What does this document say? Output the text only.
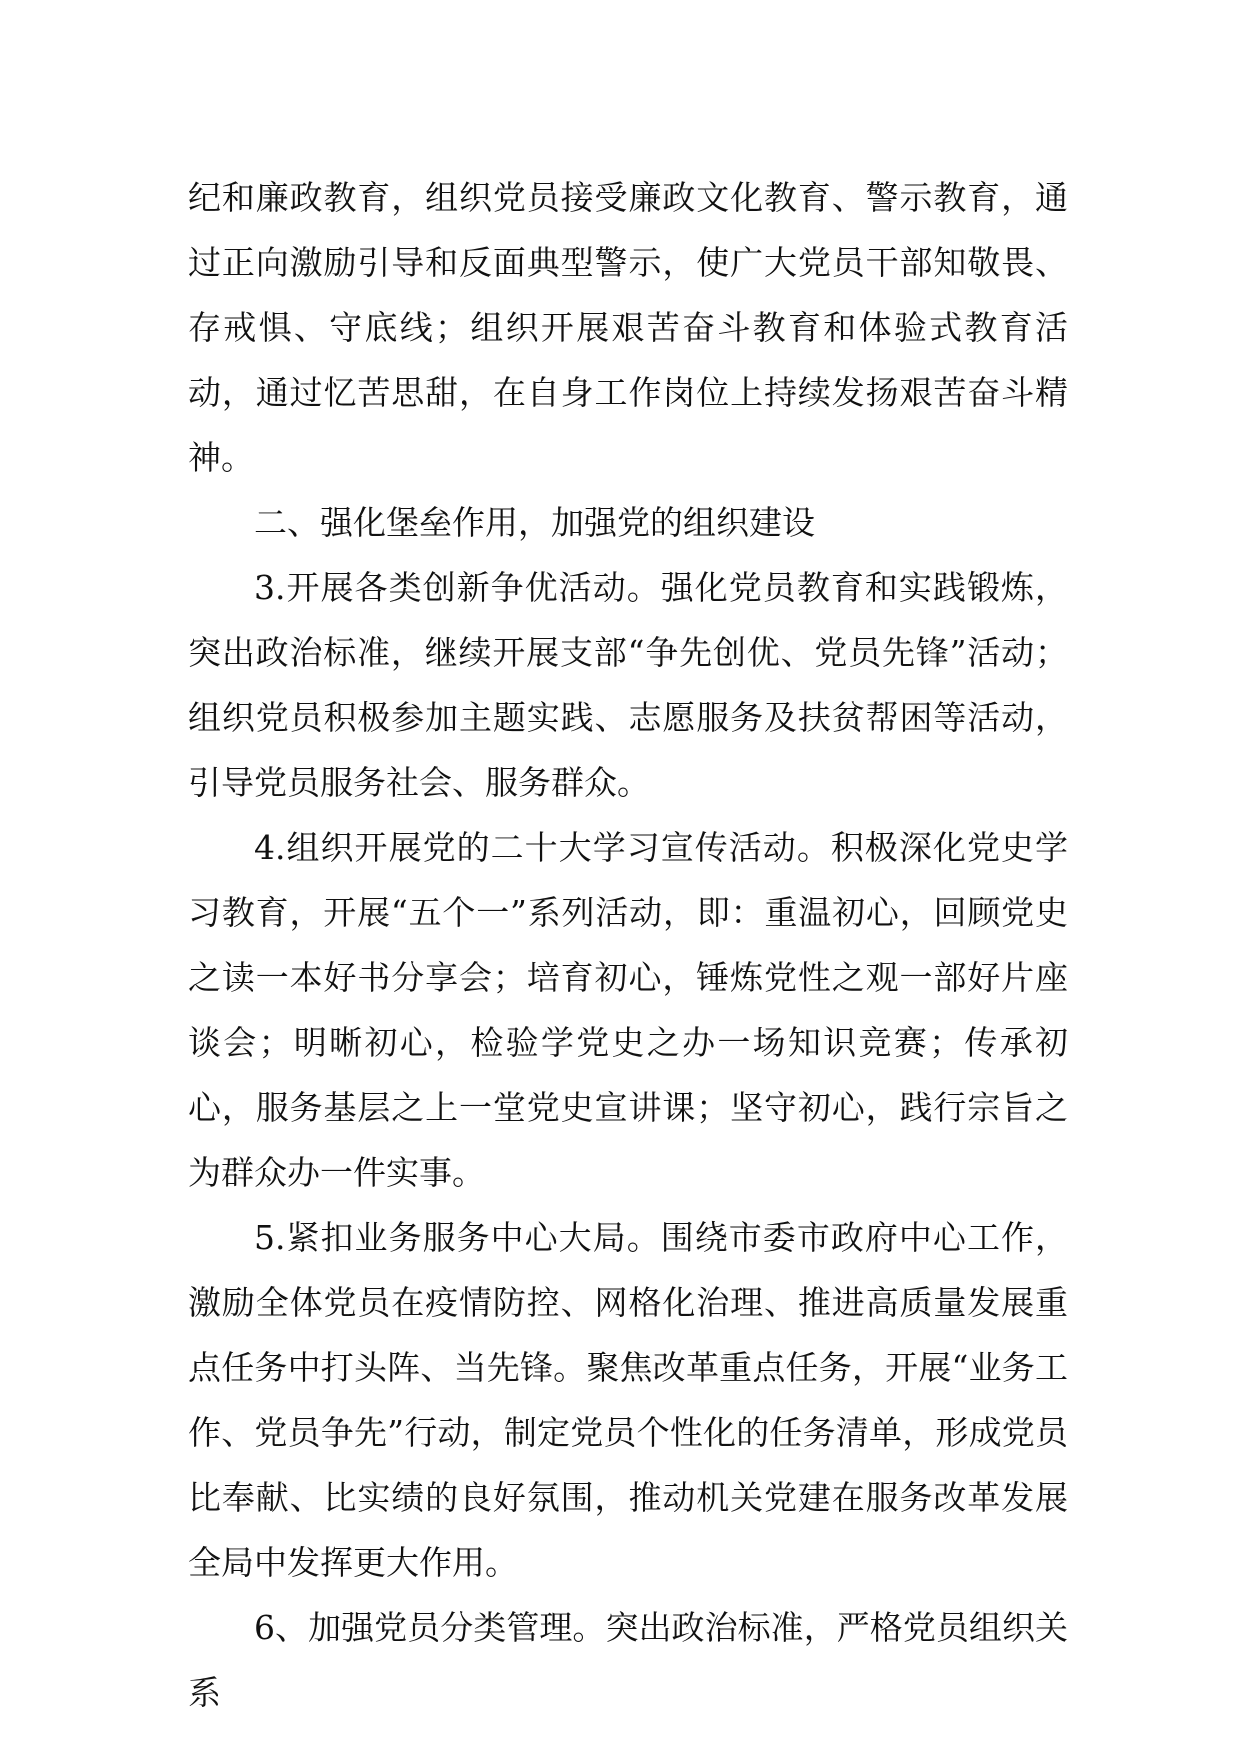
纪和廉政教育，组织党员接受廉政文化教育、警示教育，通过正向激励引导和反面典型警示，使广大党员干部知敬畏、存戒惧、守底线；组织开展艰苦奋斗教育和体验式教育活动，通过忆苦思甜，在自身工作岗位上持续发扬艰苦奋斗精神。

二、强化堡垒作用，加强党的组织建设

3.开展各类创新争优活动。强化党员教育和实践锻炼，突出政治标准，继续开展支部“争先创优、党员先锋”活动；组织党员积极参加主题实践、志愿服务及扶贫帮困等活动，引导党员服务社会、服务群众。

4.组织开展党的二十大学习宣传活动。积极深化党史学习教育，开展“五个一”系列活动，即：重温初心，回顾党史之读一本好书分享会；培育初心，锤炼党性之观一部好片座谈会；明晰初心，检验学党史之办一场知识竞赛；传承初心，服务基层之上一堂党史宣讲课；坚守初心，践行宗旨之为群众办一件实事。

5.紧扣业务服务中心大局。围绕市委市政府中心工作，激励全体党员在疫情防控、网格化治理、推进高质量发展重点任务中打头阵、当先锋。聚焦改革重点任务，开展“业务工作、党员争先”行动，制定党员个性化的任务清单，形成党员比奉献、比实绩的良好氛围，推动机关党建在服务改革发展全局中发挥更大作用。

6、加强党员分类管理。突出政治标准，严格党员组织关系
